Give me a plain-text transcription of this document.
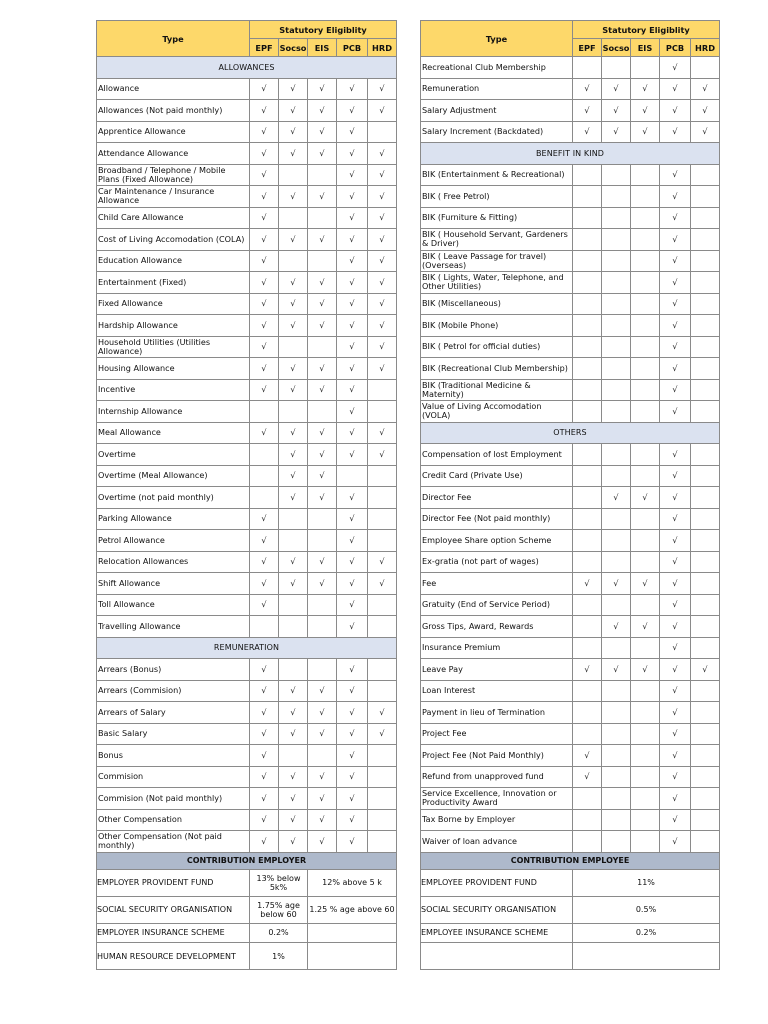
Type	Statutory Eligiblity				
	EPF	Socso	EIS	PCB	HRD
ALLOWANCES					
Allowance	√	√	√	√	√
Allowances (Not paid monthly)	√	√	√	√	√
Apprentice Allowance	√	√	√	√	
Attendance Allowance	√	√	√	√	√
Broadband / Telephone / Mobile Plans (Fixed Allowance)	√			√	√
Car Maintenance / Insurance Allowance	√	√	√	√	√
Child Care Allowance	√			√	√
Cost of Living Accomodation (COLA)	√	√	√	√	√
Education Allowance	√			√	√
Entertainment (Fixed)	√	√	√	√	√
Fixed Allowance	√	√	√	√	√
Hardship Allowance	√	√	√	√	√
Household Utilities (Utilities Allowance)	√			√	√
Housing Allowance	√	√	√	√	√
Incentive	√	√	√	√	
Internship Allowance				√	
Meal Allowance	√	√	√	√	√
Overtime		√	√	√	√
Overtime (Meal Allowance)		√	√		
Overtime (not paid monthly)		√	√	√	
Parking Allowance	√			√	
Petrol Allowance	√			√	
Relocation Allowances	√	√	√	√	√
Shift Allowance	√	√	√	√	√
Toll Allowance	√			√	
Travelling Allowance				√	
REMUNERATION					
Arrears (Bonus)	√			√	
Arrears (Commision)	√	√	√	√	
Arrears of Salary	√	√	√	√	√
Basic Salary	√	√	√	√	√
Bonus	√			√	
Commision	√	√	√	√	
Commision (Not paid monthly)	√	√	√	√	
Other Compensation	√	√	√	√	
Other Compensation (Not paid monthly)	√	√	√	√	
CONTRIBUTION EMPLOYER					
EMPLOYER PROVIDENT FUND	13% below 5k%		12% above 5 k		
SOCIAL SECURITY ORGANISATION	1.75% age below 60		1.25 % age above 60		
EMPLOYER INSURANCE SCHEME	0.2%				
HUMAN RESOURCE DEVELOPMENT	1%				
Type	Statutory Eligiblity				
	EPF	Socso	EIS	PCB	HRD
Recreational Club Membership				√	
Remuneration	√	√	√	√	√
Salary Adjustment	√	√	√	√	√
Salary Increment (Backdated)	√	√	√	√	√
BENEFIT IN KIND					
BIK (Entertainment & Recreational)				√	
BIK ( Free Petrol)				√	
BIK (Furniture & Fitting)				√	
BIK ( Household Servant, Gardeners & Driver)				√	
BIK ( Leave Passage for travel) (Overseas)				√	
BIK ( Lights, Water, Telephone, and Other Utilities)				√	
BIK (Miscellaneous)				√	
BIK (Mobile Phone)				√	
BIK ( Petrol for official duties)				√	
BIK (Recreational Club Membership)				√	
BIK (Traditional Medicine & Maternity)				√	
Value of Living Accomodation (VOLA)				√	
OTHERS					
Compensation of lost Employment				√	
Credit Card (Private Use)				√	
Director Fee		√	√	√	
Director Fee (Not paid monthly)				√	
Employee Share option Scheme				√	
Ex-gratia (not part of wages)				√	
Fee	√	√	√	√	
Gratuity (End of Service Period)				√	
Gross Tips, Award, Rewards		√	√	√	
Insurance Premium				√	
Leave Pay	√	√	√	√	√
Loan Interest				√	
Payment in lieu of Termination				√	
Project Fee				√	
Project Fee (Not Paid Monthly)	√			√	
Refund from unapproved fund	√			√	
Service Excellence, Innovation or Productivity Award				√	
Tax Borne by Employer				√	
Waiver of loan advance				√	
CONTRIBUTION EMPLOYEE					
EMPLOYEE PROVIDENT FUND	11%				
SOCIAL SECURITY ORGANISATION	0.5%				
EMPLOYEE INSURANCE SCHEME	0.2%				
